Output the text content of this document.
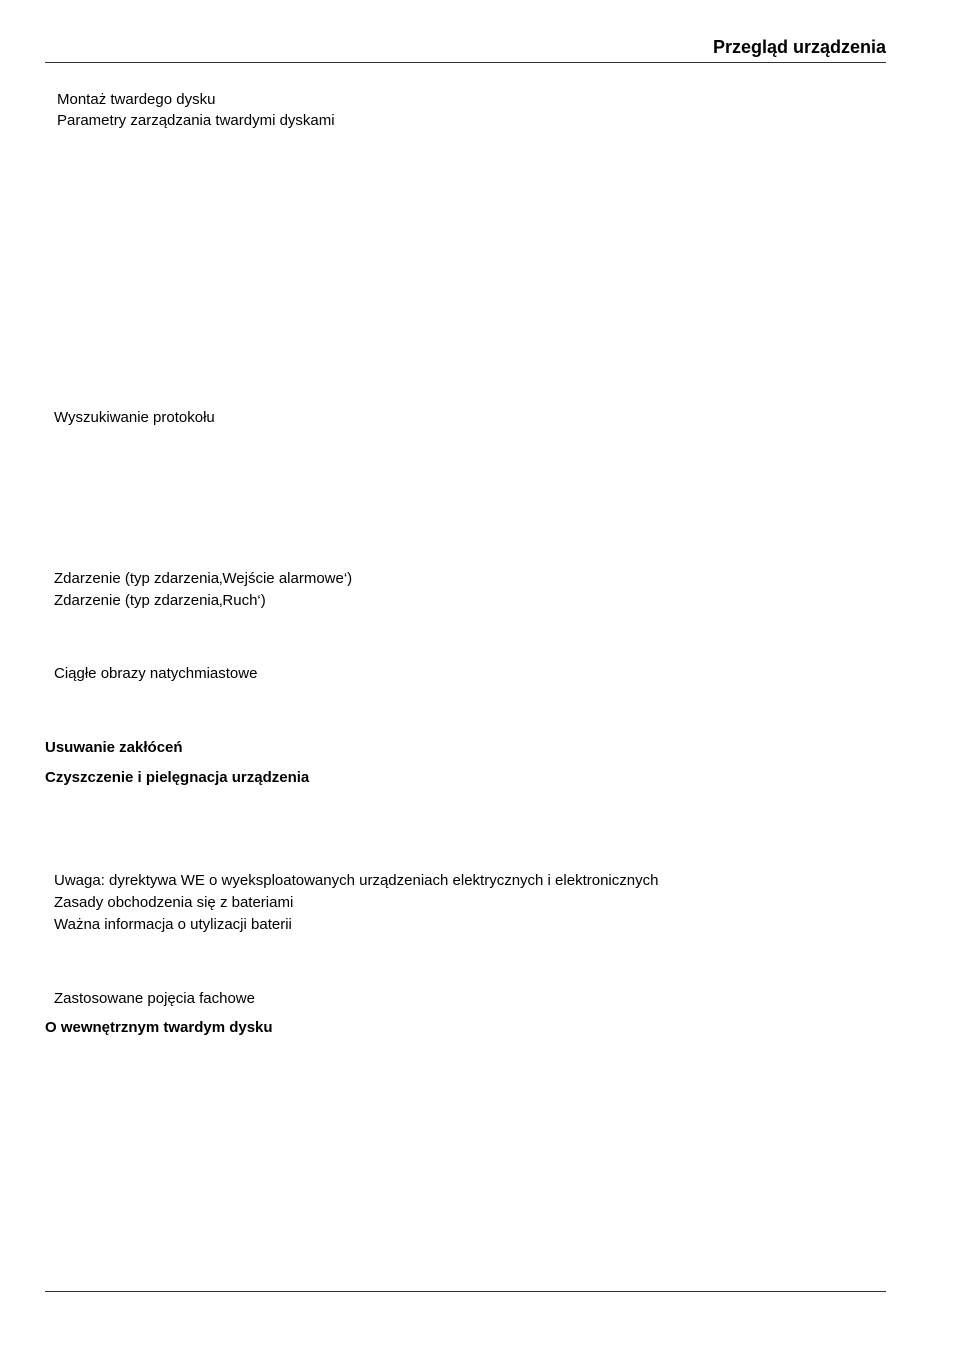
Przegląd urządzenia
Montaż twardego dysku
Parametry zarządzania twardymi dyskami
Wyszukiwanie protokołu
Zdarzenie (typ zdarzenia‚Wejście alarmowe‘)
Zdarzenie (typ zdarzenia‚Ruch‘)
Ciągłe obrazy natychmiastowe
Usuwanie zakłóceń
Czyszczenie i pielęgnacja urządzenia
Uwaga: dyrektywa WE o wyeksploatowanych urządzeniach elektrycznych i elektronicznych
Zasady obchodzenia się z bateriami
Ważna informacja o utylizacji baterii
Zastosowane pojęcia fachowe
O wewnętrznym twardym dysku
